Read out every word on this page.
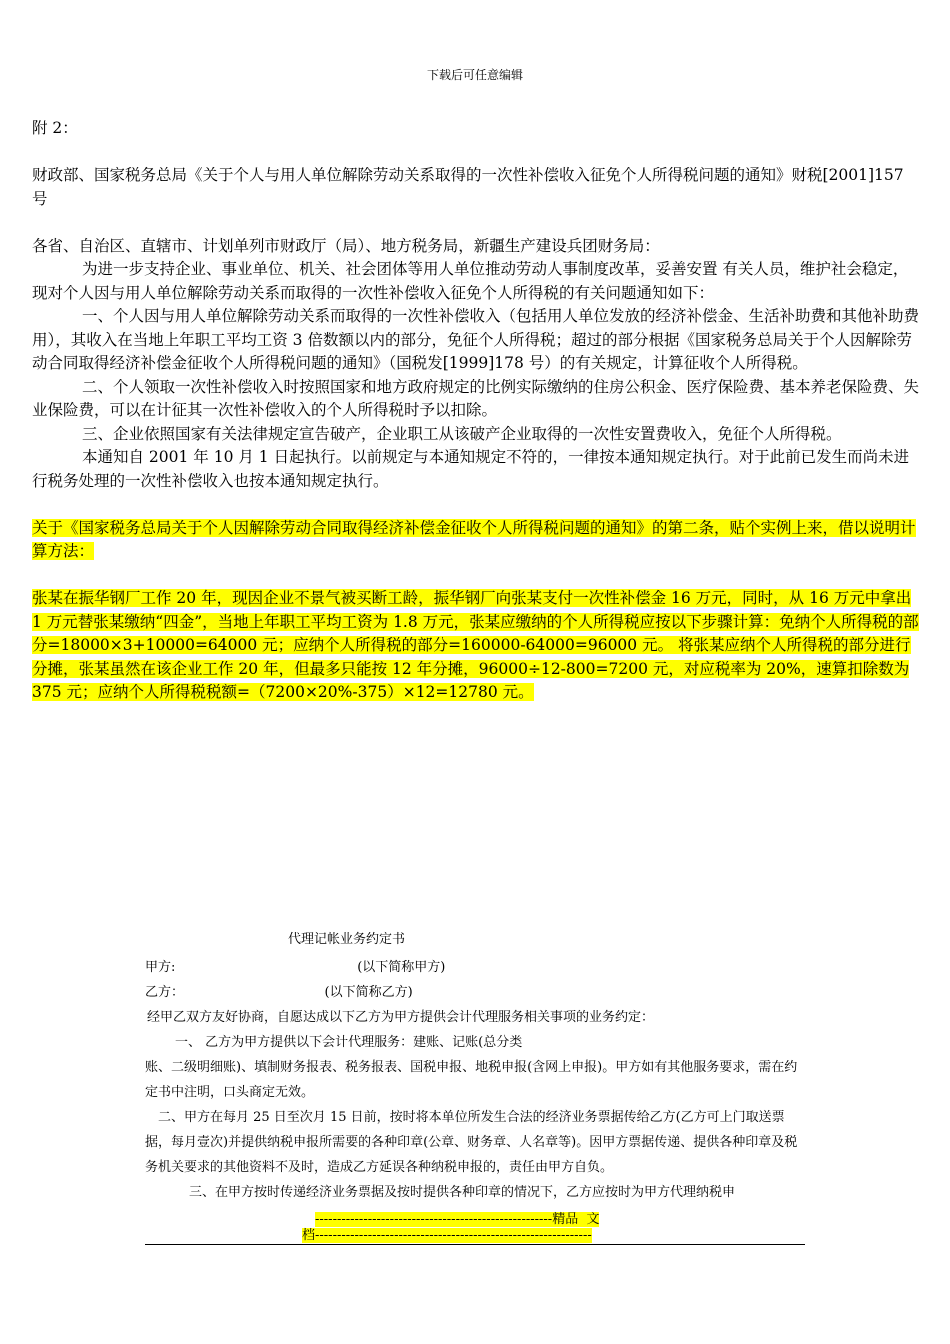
下载后可任意编辑

附 2：

财政部、国家税务总局《关于个人与用人单位解除劳动关系取得的一次性补偿收入征免个人所得税问题的通知》财税[2001]157 号

各省、自治区、直辖市、计划单列市财政厅（局）、地方税务局，新疆生产建设兵团财务局：

为进一步支持企业、事业单位、机关、社会团体等用人单位推动劳动人事制度改革，妥善安置 有关人员，维护社会稳定，现对个人因与用人单位解除劳动关系而取得的一次性补偿收入征免个人所得税的有关问题通知如下：

一、个人因与用人单位解除劳动关系而取得的一次性补偿收入（包括用人单位发放的经济补偿金、生活补助费和其他补助费用），其收入在当地上年职工平均工资 3 倍数额以内的部分，免征个人所得税；超过的部分根据《国家税务总局关于个人因解除劳动合同取得经济补偿金征收个人所得税问题的通知》（国税发[1999]178 号）的有关规定，计算征收个人所得税。

二、个人领取一次性补偿收入时按照国家和地方政府规定的比例实际缴纳的住房公积金、医疗保险费、基本养老保险费、失业保险费，可以在计征其一次性补偿收入的个人所得税时予以扣除。

三、企业依照国家有关法律规定宣告破产，企业职工从该破产企业取得的一次性安置费收入，免征个人所得税。

本通知自 2001 年 10 月 1 日起执行。以前规定与本通知规定不符的，一律按本通知规定执行。对于此前已发生而尚未进行税务处理的一次性补偿收入也按本通知规定执行。

关于《国家税务总局关于个人因解除劳动合同取得经济补偿金征收个人所得税问题的通知》的第二条，贴个实例上来，借以说明计算方法：

张某在振华钢厂工作 20 年，现因企业不景气被买断工龄，振华钢厂向张某支付一次性补偿金 16 万元，同时，从 16 万元中拿出 1 万元替张某缴纳“四金”，当地上年职工平均工资为 1.8 万元，张某应缴纳的个人所得税应按以下步骤计算：免纳个人所得税的部分=18000×3+10000=64000 元；应纳个人所得税的部分=160000-64000=96000 元。 将张某应纳个人所得税的部分进行分摊，张某虽然在该企业工作 20 年，但最多只能按 12 年分摊，96000÷12-800=7200 元，对应税率为 20%，速算扣除数为 375 元；应纳个人所得税税额=（7200×20%-375）×12=12780 元。

代理记帐业务约定书

甲方:                                            (以下简称甲方)

乙方：                                  (以下简称乙方)

经甲乙双方友好协商，自愿达成以下乙方为甲方提供会计代理服务相关事项的业务约定：

一、 乙方为甲方提供以下会计代理服务：建账、记账(总分类

账、二级明细账)、填制财务报表、税务报表、国税申报、地税申报(含网上申报)。甲方如有其他服务要求，需在约定书中注明，口头商定无效。

二、甲方在每月 25 日至次月 15 日前，按时将本单位所发生合法的经济业务票据传给乙方(乙方可上门取送票据，每月壹次)并提供纳税申报所需要的各种印章(公章、财务章、人名章等)。因甲方票据传递、提供各种印章及税务机关要求的其他资料不及时，造成乙方延误各种纳税申报的，责任由甲方自负。

三、在甲方按时传递经济业务票据及按时提供各种印章的情况下，乙方应按时为甲方代理纳税申

------------------------------------------------------精品  文
档---------------------------------------------------------------
